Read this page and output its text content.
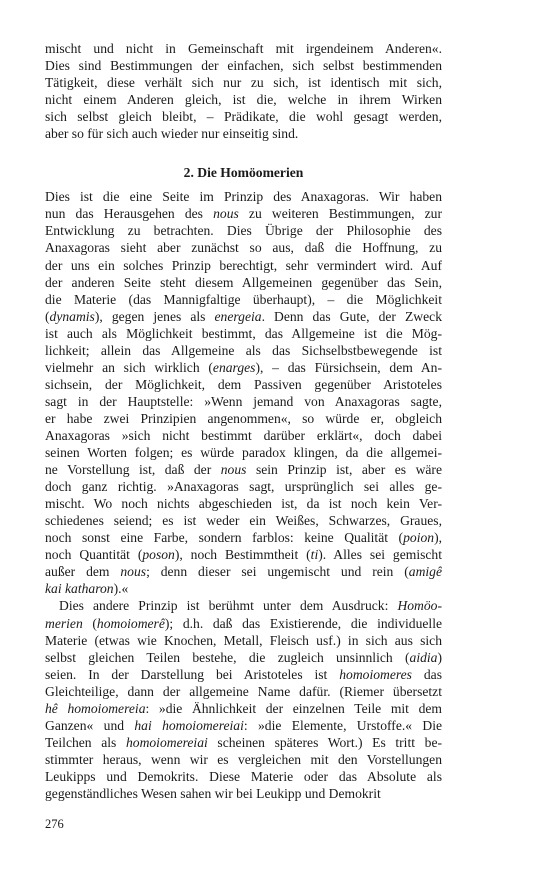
mischt und nicht in Gemeinschaft mit irgendeinem Anderen«.
Dies sind Bestimmungen der einfachen, sich selbst bestimmenden
Tätigkeit, diese verhält sich nur zu sich, ist identisch mit sich,
nicht einem Anderen gleich, ist die, welche in ihrem Wirken
sich selbst gleich bleibt, – Prädikate, die wohl gesagt werden,
aber so für sich auch wieder nur einseitig sind.
2. Die Homöomerien
Dies ist die eine Seite im Prinzip des Anaxagoras. Wir haben
nun das Herausgehen des nous zu weiteren Bestimmungen, zur
Entwicklung zu betrachten. Dies Übrige der Philosophie des
Anaxagoras sieht aber zunächst so aus, daß die Hoffnung, zu
der uns ein solches Prinzip berechtigt, sehr vermindert wird. Auf
der anderen Seite steht diesem Allgemeinen gegenüber das Sein,
die Materie (das Mannigfaltige überhaupt), – die Möglichkeit
(dynamis), gegen jenes als energeia. Denn das Gute, der Zweck
ist auch als Möglichkeit bestimmt, das Allgemeine ist die Mög-
lichkeit; allein das Allgemeine als das Sichselbstbewegende ist
vielmehr an sich wirklich (enarges), – das Fürsichsein, dem An-
sichsein, der Möglichkeit, dem Passiven gegenüber Aristoteles
sagt in der Hauptstelle: »Wenn jemand von Anaxagoras sagte,
er habe zwei Prinzipien angenommen«, so würde er, obgleich
Anaxagoras »sich nicht bestimmt darüber erklärt«, doch dabei
seinen Worten folgen; es würde paradox klingen, da die allgemei-
ne Vorstellung ist, daß der nous sein Prinzip ist, aber es wäre
doch ganz richtig. »Anaxagoras sagt, ursprünglich sei alles ge-
mischt. Wo noch nichts abgeschieden ist, da ist noch kein Ver-
schiedenes seiend; es ist weder ein Weißes, Schwarzes, Graues,
noch sonst eine Farbe, sondern farblos: keine Qualität (poion),
noch Quantität (poson), noch Bestimmtheit (ti). Alles sei gemischt
außer dem nous; denn dieser sei ungemischt und rein (amigê
kai katharon).«
Dies andere Prinzip ist berühmt unter dem Ausdruck: Homöo-
merien (homoiomerê); d.h. daß das Existierende, die individuelle
Materie (etwas wie Knochen, Metall, Fleisch usf.) in sich aus sich
selbst gleichen Teilen bestehe, die zugleich unsinnlich (aidia)
seien. In der Darstellung bei Aristoteles ist homoiomeres das
Gleichteilige, dann der allgemeine Name dafür. (Riemer übersetzt
hê homoiomereia: »die Ähnlichkeit der einzelnen Teile mit dem
Ganzen« und hai homoiomereiai: »die Elemente, Urstoffe.« Die
Teilchen als homoiomereiai scheinen späteres Wort.) Es tritt be-
stimmter heraus, wenn wir es vergleichen mit den Vorstellungen
Leukipps und Demokrits. Diese Materie oder das Absolute als
gegenständliches Wesen sahen wir bei Leukipp und Demokrit
276
